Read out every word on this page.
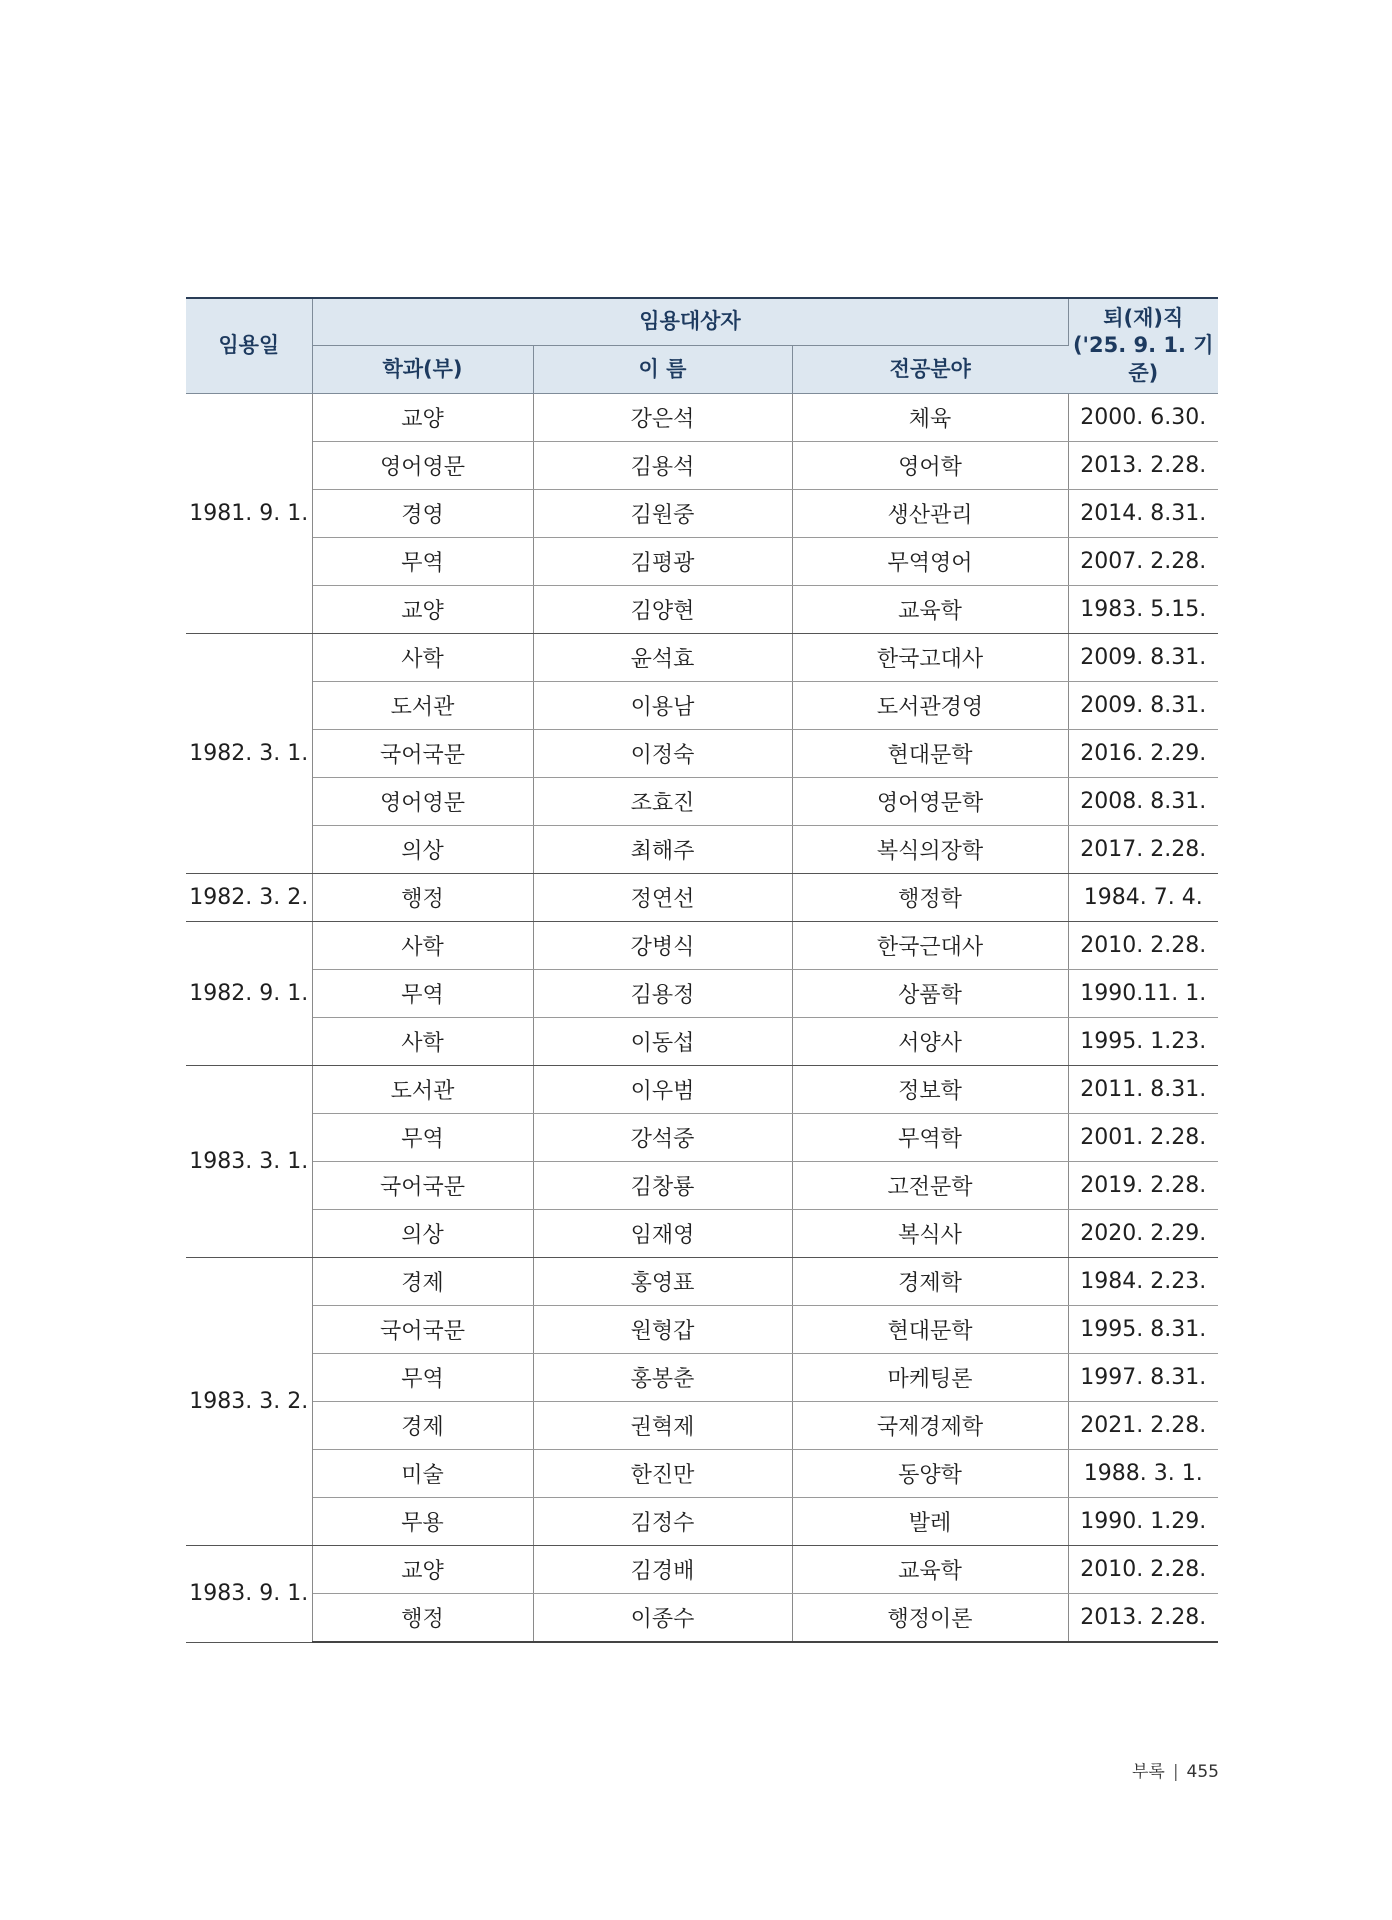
임용일	임용대상자			퇴(재)직
('25. 9. 1. 기준)

	학과(부)	이 름	전공분야	
1981. 9. 1.	교양	강은석	체육	2000. 6.30.
	영어영문	김용석	영어학	2013. 2.28.
	경영	김원중	생산관리	2014. 8.31.
	무역	김평광	무역영어	2007. 2.28.
	교양	김양현	교육학	1983. 5.15.
1982. 3. 1.	사학	윤석효	한국고대사	2009. 8.31.
	도서관	이용남	도서관경영	2009. 8.31.
	국어국문	이정숙	현대문학	2016. 2.29.
	영어영문	조효진	영어영문학	2008. 8.31.
	의상	최해주	복식의장학	2017. 2.28.
1982. 3. 2.	행정	정연선	행정학	1984. 7. 4.
1982. 9. 1.	사학	강병식	한국근대사	2010. 2.28.
	무역	김용정	상품학	1990.11. 1.
	사학	이동섭	서양사	1995. 1.23.
1983. 3. 1.	도서관	이우범	정보학	2011. 8.31.
	무역	강석중	무역학	2001. 2.28.
	국어국문	김창룡	고전문학	2019. 2.28.
	의상	임재영	복식사	2020. 2.29.
1983. 3. 2.	경제	홍영표	경제학	1984. 2.23.
	국어국문	원형갑	현대문학	1995. 8.31.
	무역	홍봉춘	마케팅론	1997. 8.31.
	경제	권혁제	국제경제학	2021. 2.28.
	미술	한진만	동양학	1988. 3. 1.
	무용	김정수	발레	1990. 1.29.
1983. 9. 1.	교양	김경배	교육학	2010. 2.28.
	행정	이종수	행정이론	2013. 2.28.
부록 | 455
